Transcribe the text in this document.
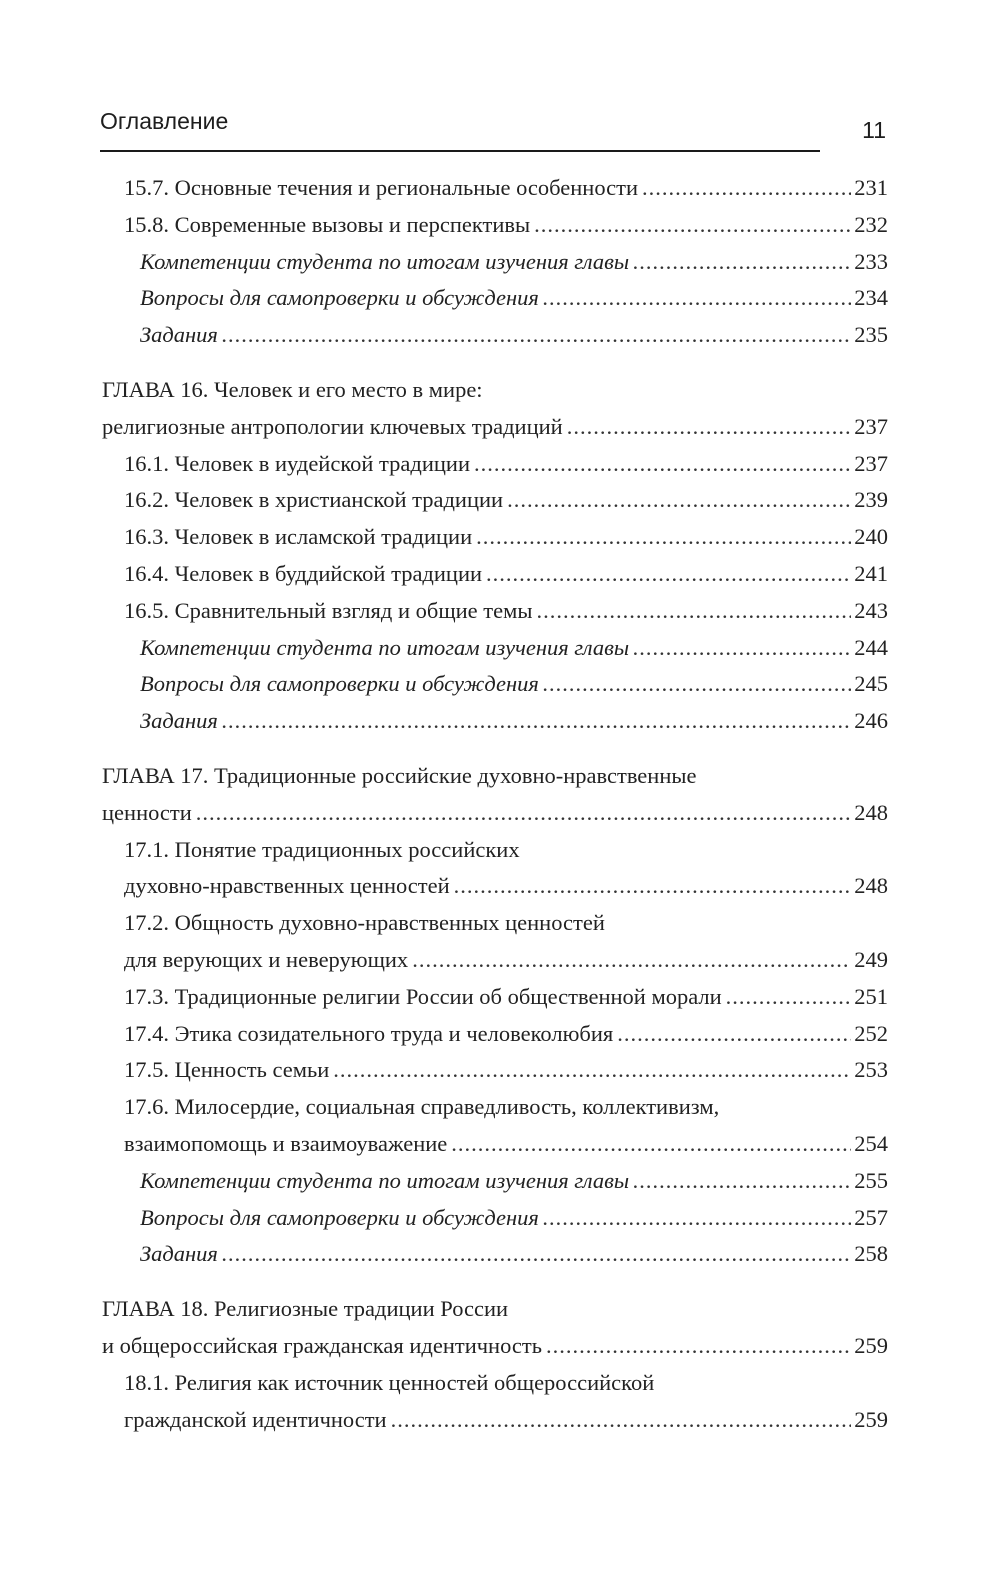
Оглавление	11
15.7. Основные течения и региональные особенности .....	231
15.8. Современные вызовы и перспективы .....	232
Компетенции студента по итогам изучения главы .....	233
Вопросы для самопроверки и обсуждения .....	234
Задания .....	235
ГЛАВА 16. Человек и его место в мире:
религиозные антропологии ключевых традиций .....	237
16.1. Человек в иудейской традиции .....	237
16.2. Человек в христианской традиции .....	239
16.3. Человек в исламской традиции .....	240
16.4. Человек в буддийской традиции .....	241
16.5. Сравнительный взгляд и общие темы .....	243
Компетенции студента по итогам изучения главы .....	244
Вопросы для самопроверки и обсуждения .....	245
Задания .....	246
ГЛАВА 17. Традиционные российские духовно-нравственные
ценности .....	248
17.1. Понятие традиционных российских
духовно-нравственных ценностей .....	248
17.2. Общность духовно-нравственных ценностей
для верующих и неверующих .....	249
17.3. Традиционные религии России об общественной морали .....	251
17.4. Этика созидательного труда и человеколюбия .....	252
17.5. Ценность семьи .....	253
17.6. Милосердие, социальная справедливость, коллективизм,
взаимопомощь и взаимоуважение .....	254
Компетенции студента по итогам изучения главы .....	255
Вопросы для самопроверки и обсуждения .....	257
Задания .....	258
ГЛАВА 18. Религиозные традиции России
и общероссийская гражданская идентичность .....	259
18.1. Религия как источник ценностей общероссийской
гражданской идентичности .....	259
